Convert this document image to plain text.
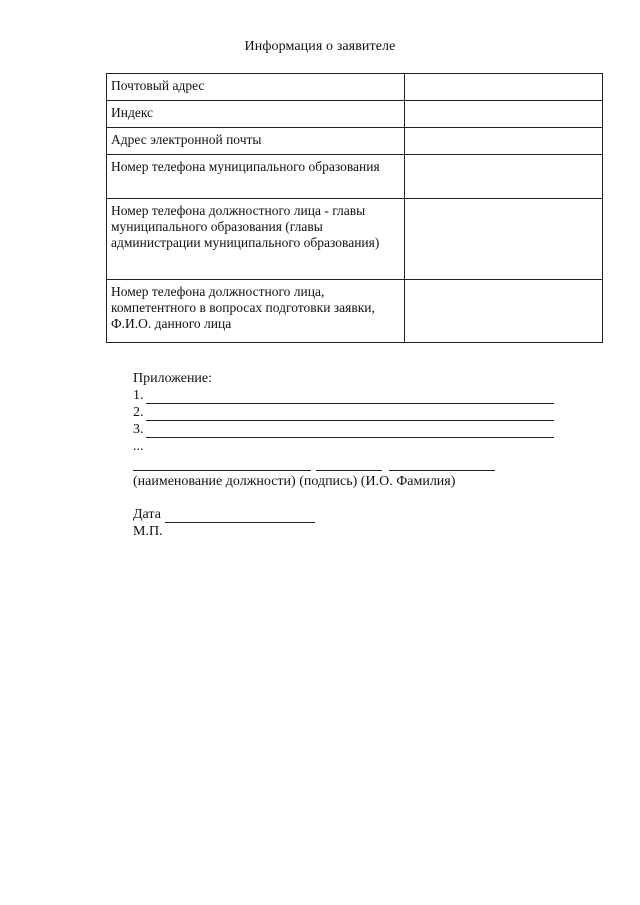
Информация о заявителе
Почтовый адрес	
Индекс	
Адрес электронной почты	
Номер телефона муниципального образования	
Номер телефона должностного лица - главы муниципального образования (главы администрации муниципального образования)	
Номер телефона должностного лица, компетентного в вопросах подготовки заявки, Ф.И.О. данного лица	
Приложение:
1.
2.
3.
...
(наименование должности) (подпись) (И.О. Фамилия)
Дата
М.П.
